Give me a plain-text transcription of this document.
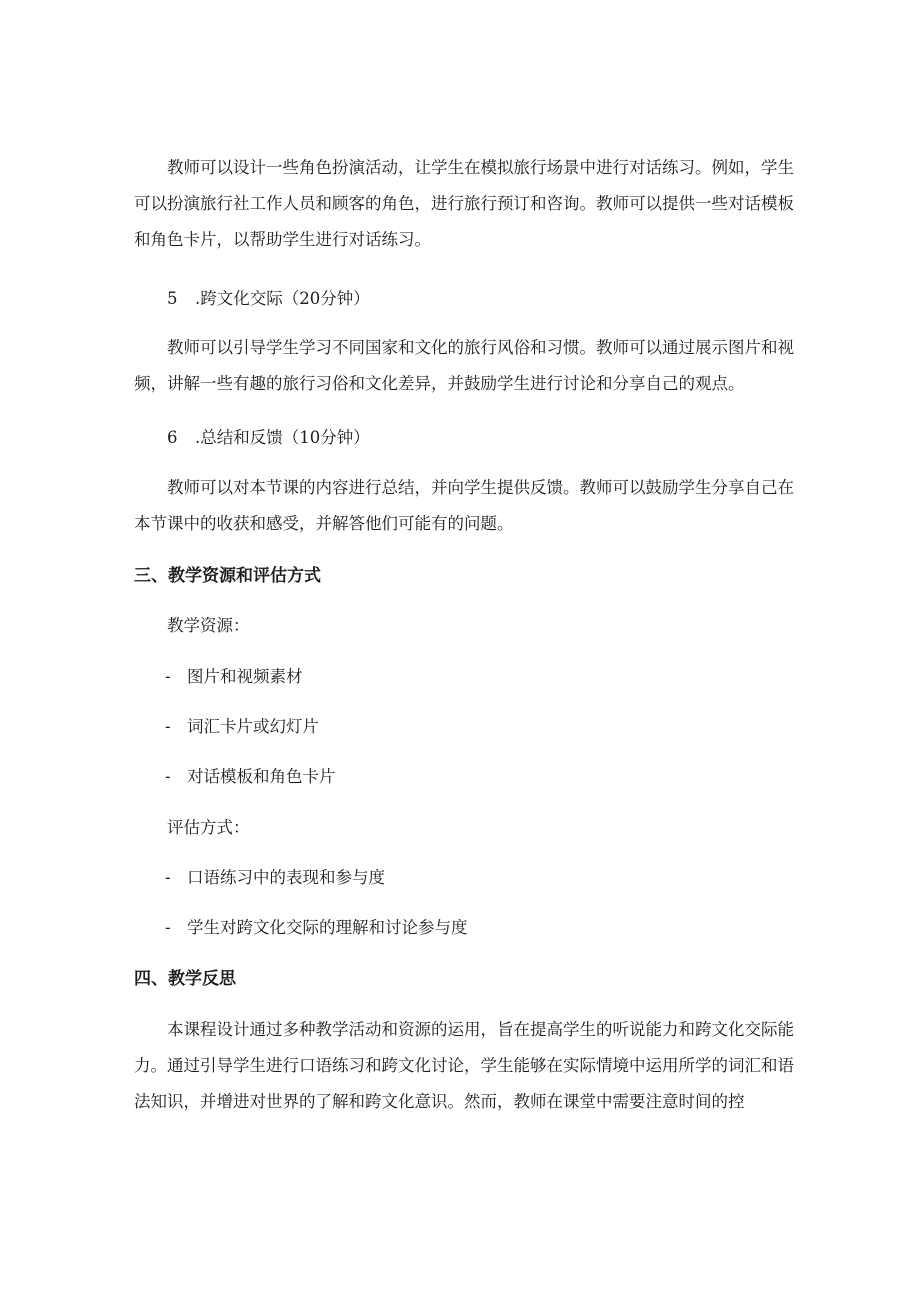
教师可以设计一些角色扮演活动，让学生在模拟旅行场景中进行对话练习。例如，学生可以扮演旅行社工作人员和顾客的角色，进行旅行预订和咨询。教师可以提供一些对话模板和角色卡片，以帮助学生进行对话练习。

5 .跨文化交际（20分钟）

教师可以引导学生学习不同国家和文化的旅行风俗和习惯。教师可以通过展示图片和视频，讲解一些有趣的旅行习俗和文化差异，并鼓励学生进行讨论和分享自己的观点。

6 .总结和反馈（10分钟）

教师可以对本节课的内容进行总结，并向学生提供反馈。教师可以鼓励学生分享自己在本节课中的收获和感受，并解答他们可能有的问题。

三、教学资源和评估方式

教学资源：

- 图片和视频素材

- 词汇卡片或幻灯片

- 对话模板和角色卡片

评估方式：

- 口语练习中的表现和参与度

- 学生对跨文化交际的理解和讨论参与度

四、教学反思

本课程设计通过多种教学活动和资源的运用，旨在提高学生的听说能力和跨文化交际能力。通过引导学生进行口语练习和跨文化讨论，学生能够在实际情境中运用所学的词汇和语法知识，并增进对世界的了解和跨文化意识。然而，教师在课堂中需要注意时间的控
